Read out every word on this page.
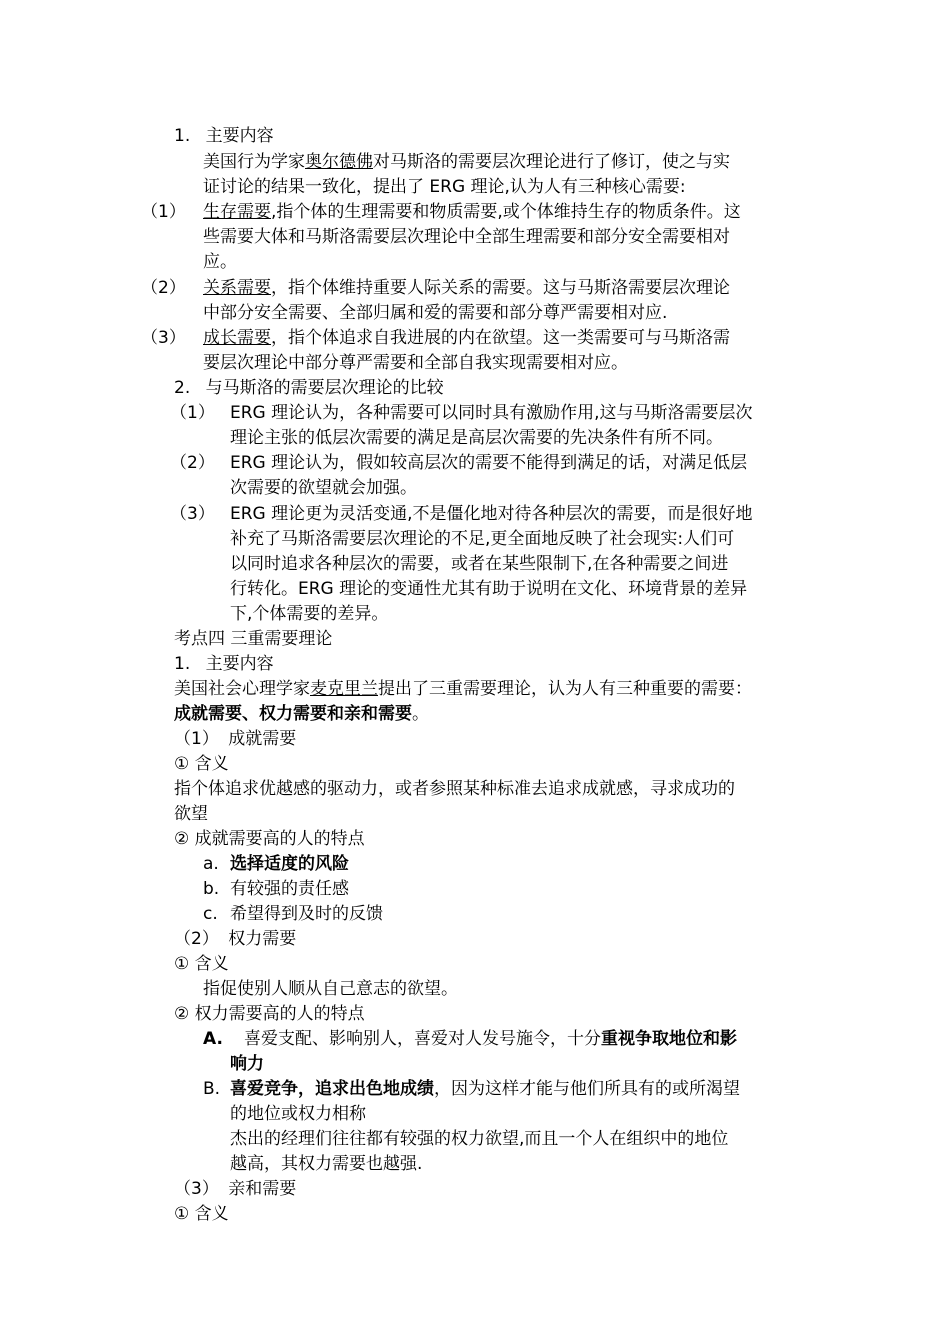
1. 主要内容
美国行为学家奥尔德佛对马斯洛的需要层次理论进行了修订，使之与实
证讨论的结果一致化，提出了 ERG 理论,认为人有三种核心需要:
（1） 生存需要,指个体的生理需要和物质需要,或个体维持生存的物质条件。这
些需要大体和马斯洛需要层次理论中全部生理需要和部分安全需要相对
应。
（2） 关系需要，指个体维持重要人际关系的需要。这与马斯洛需要层次理论
中部分安全需要、全部归属和爱的需要和部分尊严需要相对应.
（3） 成长需要，指个体追求自我进展的内在欲望。这一类需要可与马斯洛需
要层次理论中部分尊严需要和全部自我实现需要相对应。
2. 与马斯洛的需要层次理论的比较
（1） ERG 理论认为，各种需要可以同时具有激励作用,这与马斯洛需要层次
理论主张的低层次需要的满足是高层次需要的先决条件有所不同。
（2） ERG 理论认为，假如较高层次的需要不能得到满足的话，对满足低层
次需要的欲望就会加强。
（3） ERG 理论更为灵活变通,不是僵化地对待各种层次的需要，而是很好地
补充了马斯洛需要层次理论的不足,更全面地反映了社会现实:人们可
以同时追求各种层次的需要，或者在某些限制下,在各种需要之间进
行转化。ERG 理论的变通性尤其有助于说明在文化、环境背景的差异
下,个体需要的差异。
考点四 三重需要理论
1. 主要内容
美国社会心理学家麦克里兰提出了三重需要理论，认为人有三种重要的需要：
成就需要、权力需要和亲和需要。
（1） 成就需要
① 含义
指个体追求优越感的驱动力，或者参照某种标准去追求成就感，寻求成功的
欲望
② 成就需要高的人的特点
a. 选择适度的风险
b. 有较强的责任感
c. 希望得到及时的反馈
（2） 权力需要
① 含义
指促使别人顺从自己意志的欲望。
② 权力需要高的人的特点
A. 喜爱支配、影响别人，喜爱对人发号施令，十分重视争取地位和影
响力
B. 喜爱竞争，追求出色地成绩，因为这样才能与他们所具有的或所渴望
的地位或权力相称
杰出的经理们往往都有较强的权力欲望,而且一个人在组织中的地位
越高，其权力需要也越强.
（3） 亲和需要
① 含义
